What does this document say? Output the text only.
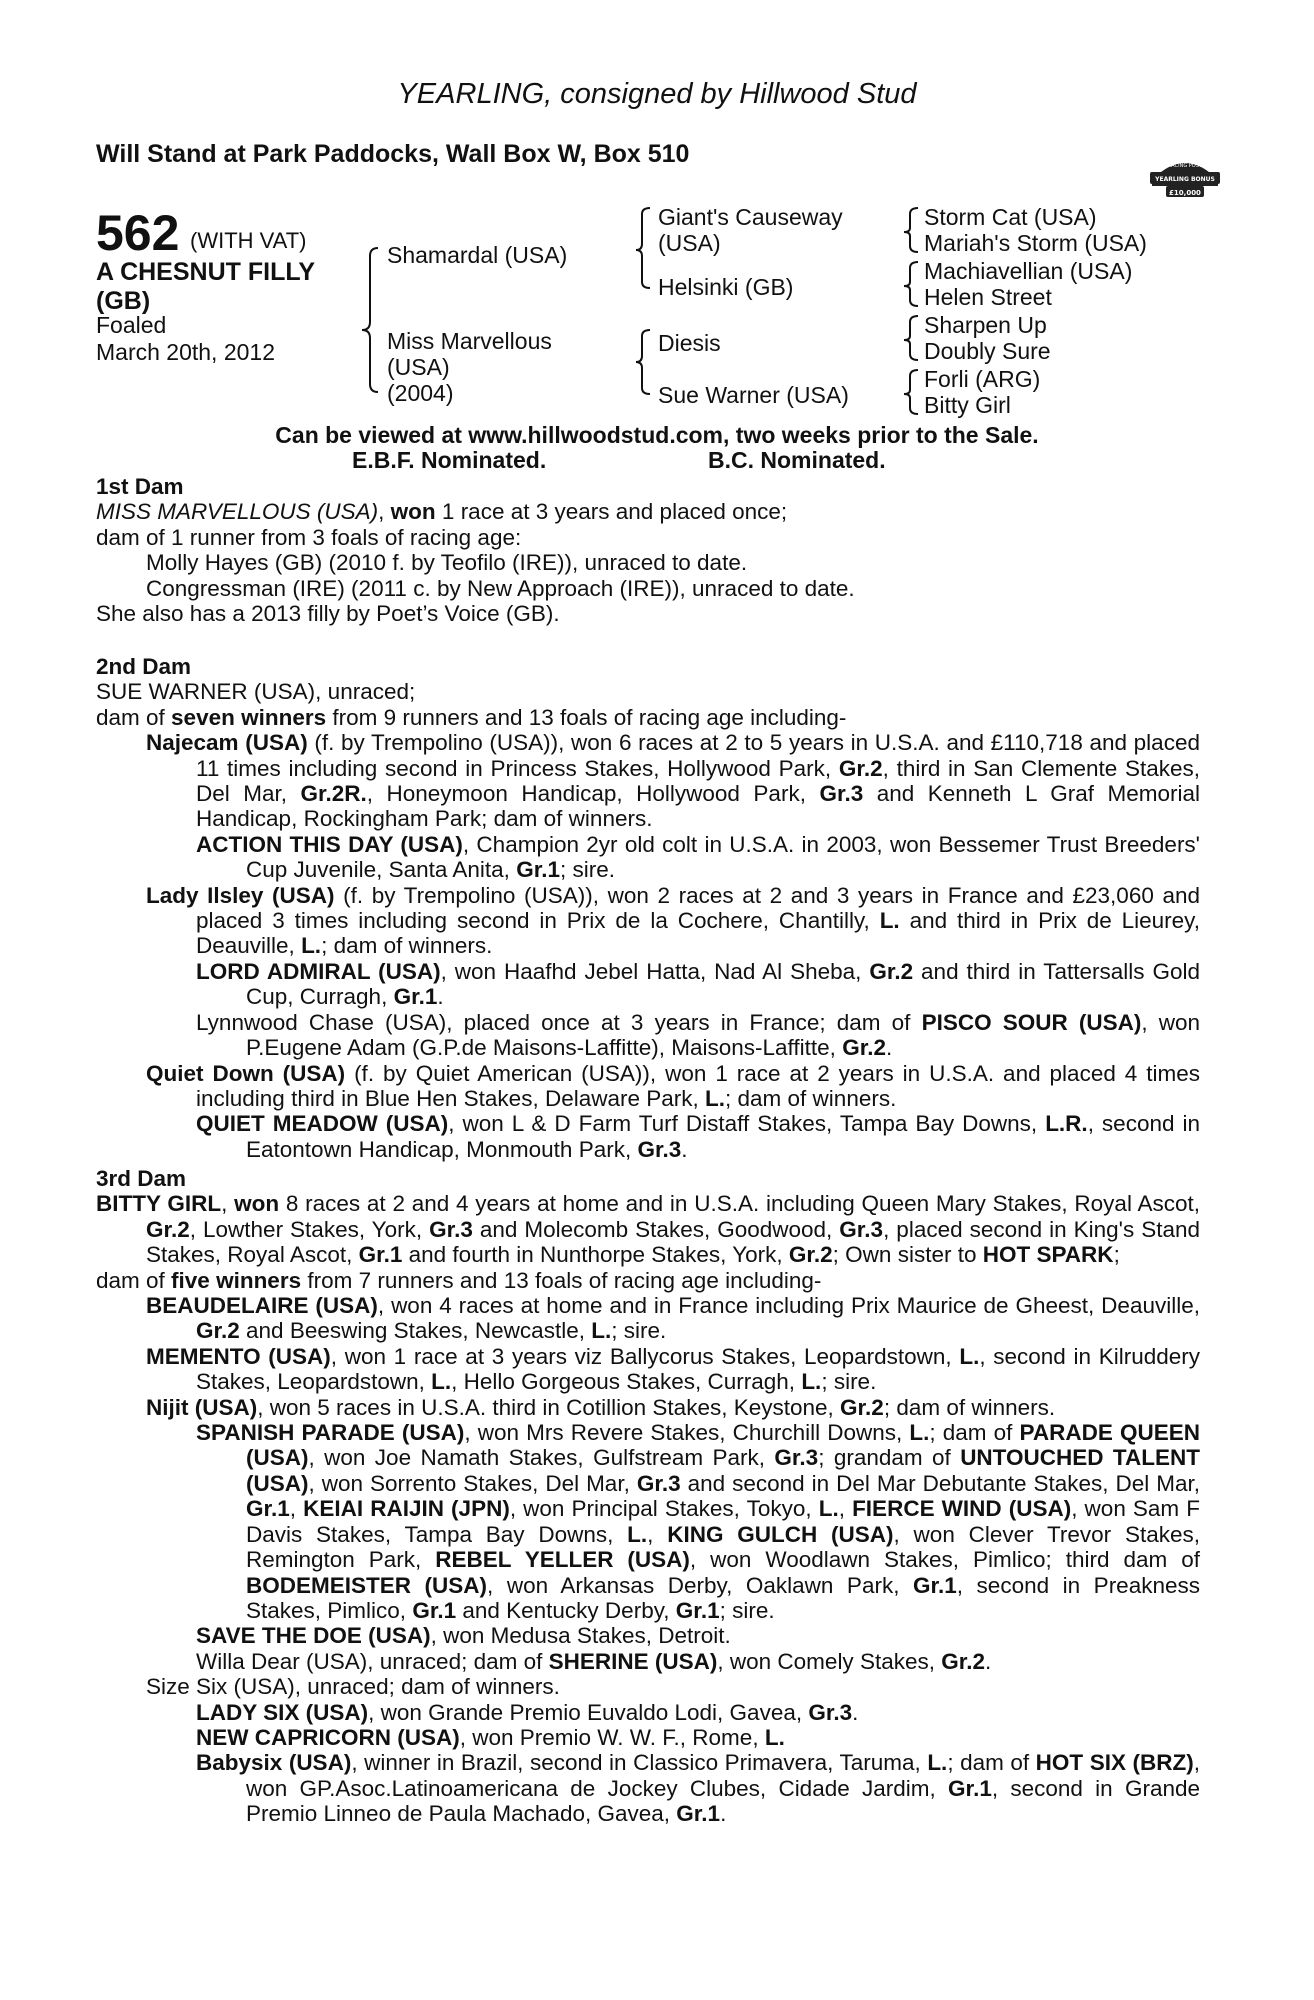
YEARLING, consigned by Hillwood Stud
Will Stand at Park Paddocks, Wall Box W, Box 510	RACING POST
YEARLING BONUS
£10,000
562 (WITH VAT)
A CHESNUT FILLY
(GB)
Foaled
March 20th, 2012
Shamardal (USA)
Miss Marvellous
(USA)
(2004)
Giant's Causeway
(USA)
Helsinki (GB)
Diesis
Sue Warner (USA)
Storm Cat (USA)
Mariah's Storm (USA)
Machiavellian (USA)
Helen Street
Sharpen Up
Doubly Sure
Forli (ARG)
Bitty Girl
Can be viewed at www.hillwoodstud.com, two weeks prior to the Sale.
E.B.F. Nominated.	B.C. Nominated.

1st Dam

MISS MARVELLOUS (USA), won 1 race at 3 years and placed once;

dam of 1 runner from 3 foals of racing age:

Molly Hayes (GB) (2010 f. by Teofilo (IRE)), unraced to date.

Congressman (IRE) (2011 c. by New Approach (IRE)), unraced to date.

She also has a 2013 filly by Poet’s Voice (GB).

2nd Dam

SUE WARNER (USA), unraced;

dam of seven winners from 9 runners and 13 foals of racing age including-

Najecam (USA) (f. by Trempolino (USA)), won 6 races at 2 to 5 years in U.S.A. and £110,718 and placed 11 times including second in Princess Stakes, Hollywood Park, Gr.2, third in San Clemente Stakes, Del Mar, Gr.2R., Honeymoon Handicap, Hollywood Park, Gr.3 and Kenneth L Graf Memorial Handicap, Rockingham Park; dam of winners.

ACTION THIS DAY (USA), Champion 2yr old colt in U.S.A. in 2003, won Bessemer Trust Breeders' Cup Juvenile, Santa Anita, Gr.1; sire.

Lady Ilsley (USA) (f. by Trempolino (USA)), won 2 races at 2 and 3 years in France and £23,060 and placed 3 times including second in Prix de la Cochere, Chantilly, L. and third in Prix de Lieurey, Deauville, L.; dam of winners.

LORD ADMIRAL (USA), won Haafhd Jebel Hatta, Nad Al Sheba, Gr.2 and third in Tattersalls Gold Cup, Curragh, Gr.1.

Lynnwood Chase (USA), placed once at 3 years in France; dam of PISCO SOUR (USA), won P.Eugene Adam (G.P.de Maisons-Laffitte), Maisons-Laffitte, Gr.2.

Quiet Down (USA) (f. by Quiet American (USA)), won 1 race at 2 years in U.S.A. and placed 4 times including third in Blue Hen Stakes, Delaware Park, L.; dam of winners.

QUIET MEADOW (USA), won L & D Farm Turf Distaff Stakes, Tampa Bay Downs, L.R., second in Eatontown Handicap, Monmouth Park, Gr.3.

3rd Dam

BITTY GIRL, won 8 races at 2 and 4 years at home and in U.S.A. including Queen Mary Stakes, Royal Ascot, Gr.2, Lowther Stakes, York, Gr.3 and Molecomb Stakes, Goodwood, Gr.3, placed second in King's Stand Stakes, Royal Ascot, Gr.1 and fourth in Nunthorpe Stakes, York, Gr.2; Own sister to HOT SPARK;

dam of five winners from 7 runners and 13 foals of racing age including-

BEAUDELAIRE (USA), won 4 races at home and in France including Prix Maurice de Gheest, Deauville, Gr.2 and Beeswing Stakes, Newcastle, L.; sire.

MEMENTO (USA), won 1 race at 3 years viz Ballycorus Stakes, Leopardstown, L., second in Kilruddery Stakes, Leopardstown, L., Hello Gorgeous Stakes, Curragh, L.; sire.

Nijit (USA), won 5 races in U.S.A. third in Cotillion Stakes, Keystone, Gr.2; dam of winners.

SPANISH PARADE (USA), won Mrs Revere Stakes, Churchill Downs, L.; dam of PARADE QUEEN (USA), won Joe Namath Stakes, Gulfstream Park, Gr.3; grandam of UNTOUCHED TALENT (USA), won Sorrento Stakes, Del Mar, Gr.3 and second in Del Mar Debutante Stakes, Del Mar, Gr.1, KEIAI RAIJIN (JPN), won Principal Stakes, Tokyo, L., FIERCE WIND (USA), won Sam F Davis Stakes, Tampa Bay Downs, L., KING GULCH (USA), won Clever Trevor Stakes, Remington Park, REBEL YELLER (USA), won Woodlawn Stakes, Pimlico; third dam of BODEMEISTER (USA), won Arkansas Derby, Oaklawn Park, Gr.1, second in Preakness Stakes, Pimlico, Gr.1 and Kentucky Derby, Gr.1; sire.

SAVE THE DOE (USA), won Medusa Stakes, Detroit.

Willa Dear (USA), unraced; dam of SHERINE (USA), won Comely Stakes, Gr.2.

Size Six (USA), unraced; dam of winners.

LADY SIX (USA), won Grande Premio Euvaldo Lodi, Gavea, Gr.3.

NEW CAPRICORN (USA), won Premio W. W. F., Rome, L.

Babysix (USA), winner in Brazil, second in Classico Primavera, Taruma, L.; dam of HOT SIX (BRZ), won GP.Asoc.Latinoamericana de Jockey Clubes, Cidade Jardim, Gr.1, second in Grande Premio Linneo de Paula Machado, Gavea, Gr.1.
